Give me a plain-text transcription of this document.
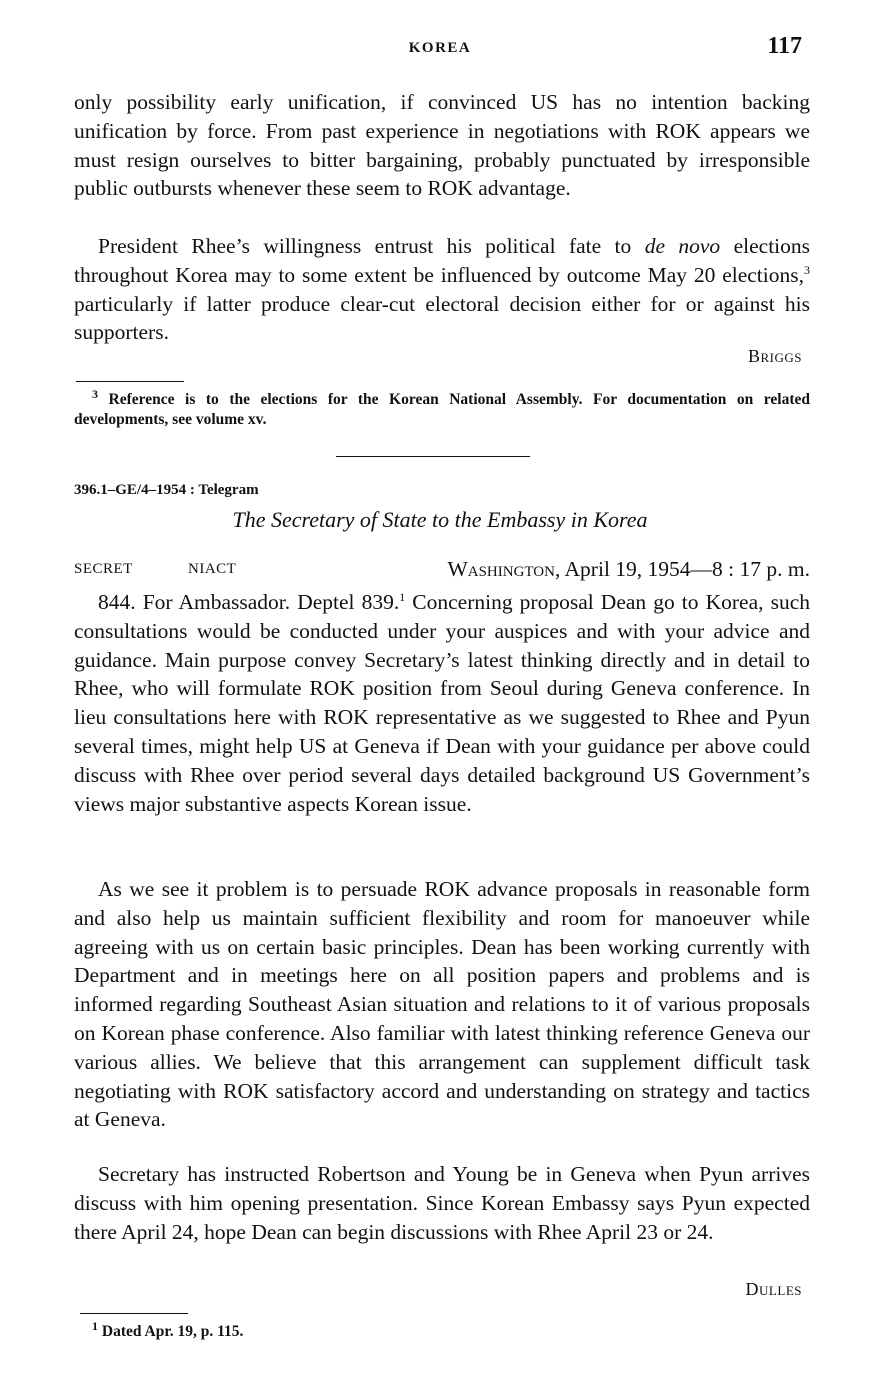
KOREA	117

only possibility early unification, if convinced US has no intention backing unification by force. From past experience in negotiations with ROK appears we must resign ourselves to bitter bargaining, probably punctuated by irresponsible public outbursts whenever these seem to ROK advantage.

President Rhee’s willingness entrust his political fate to de novo elections throughout Korea may to some extent be influenced by outcome May 20 elections,$^3$ particularly if latter produce clear-cut electoral decision either for or against his supporters.

Briggs

$^3$ Reference is to the elections for the Korean National Assembly. For documentation on related developments, see volume xv.

396.1–GE/4–1954 : Telegram
The Secretary of State to the Embassy in Korea
SECRET	NIACT	Washington, April 19, 1954—8 : 17 p. m.

844. For Ambassador. Deptel 839.$^1$ Concerning proposal Dean go to Korea, such consultations would be conducted under your auspices and with your advice and guidance. Main purpose convey Secretary’s latest thinking directly and in detail to Rhee, who will formulate ROK position from Seoul during Geneva conference. In lieu consultations here with ROK representative as we suggested to Rhee and Pyun several times, might help US at Geneva if Dean with your guidance per above could discuss with Rhee over period several days detailed background US Government’s views major substantive aspects Korean issue.

As we see it problem is to persuade ROK advance proposals in reasonable form and also help us maintain sufficient flexibility and room for manoeuver while agreeing with us on certain basic principles. Dean has been working currently with Department and in meetings here on all position papers and problems and is informed regarding Southeast Asian situation and relations to it of various proposals on Korean phase conference. Also familiar with latest thinking reference Geneva our various allies. We believe that this arrangement can supplement difficult task negotiating with ROK satisfactory accord and understanding on strategy and tactics at Geneva.

Secretary has instructed Robertson and Young be in Geneva when Pyun arrives discuss with him opening presentation. Since Korean Embassy says Pyun expected there April 24, hope Dean can begin discussions with Rhee April 23 or 24.

Dulles

$^1$ Dated Apr. 19, p. 115.
